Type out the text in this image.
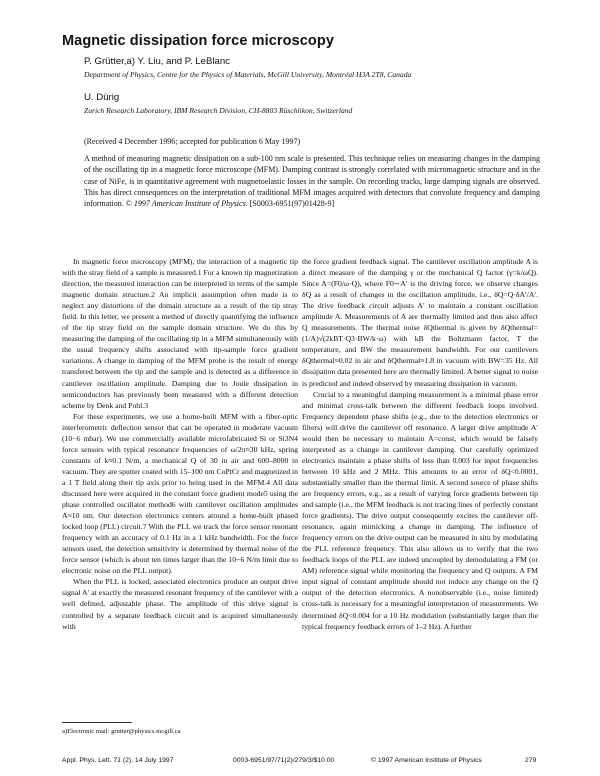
Magnetic dissipation force microscopy
P. Grütter,a) Y. Liu, and P. LeBlanc
Department of Physics, Centre for the Physics of Materials, McGill University, Montréal H3A 2T8, Canada
U. Dürig
Zurich Research Laboratory, IBM Research Division, CH-8803 Rüschlikon, Switzerland
(Received 4 December 1996; accepted for publication 6 May 1997)
A method of measuring magnetic dissipation on a sub-100 nm scale is presented. This technique relies on measuring changes in the damping of the oscillating tip in a magnetic force microscope (MFM). Damping contrast is strongly correlated with micromagnetic structure and in the case of NiFe, is in quantitative agreement with magnetoelastic losses in the sample. On recording tracks, large damping signals are observed. This has direct consequences on the interpretation of traditional MFM images acquired with detectors that convolute frequency and damping information. © 1997 American Institute of Physics. [S0003-6951(97)01428-9]

In magnetic force microscopy (MFM), the interaction of a magnetic tip with the stray field of a sample is measured.1 For a known tip magnetization direction, the measured interaction can be interpreted in terms of the sample magnetic domain structure.2 An implicit assumption often made is to neglect any distortions of the domain structure as a result of the tip stray field. In this letter, we present a method of directly quantifying the influence of the tip stray field on the sample domain structure. We do this by measuring the damping of the oscillating tip in a MFM simultaneously with the usual frequency shifts associated with tip-sample force gradient variations. A change in damping of the MFM probe is the result of energy transfered between the tip and the sample and is detected as a difference in cantilever oscillation amplitude. Damping due to Joule dissipation in semiconductors has previously been measured with a different detection scheme by Denk and Pohl.3

For these experiments, we use a home-built MFM with a fiber-optic interferometric deflection sensor that can be operated in moderate vacuum (10−6 mbar). We use commercially available microfabricated Si or Si3N4 force sensors with typical resonance frequencies of ω/2π≈30 kHz, spring constants of k≈0.1 N/m, a mechanical Q of 30 in air and 600–8000 in vacuum. They are sputter coated with 15–100 nm CoPtCr and magnetized in a 1 T field along their tip axis prior to being used in the MFM.4 All data discussed here were acquired in the constant force gradient mode5 using the phase controlled oscillator method6 with cantilever oscillation amplitudes A≈10 nm. Our detection electronics centers around a home-built phased locked loop (PLL) circuit.7 With the PLL we track the force sensor resonant frequency with an accuracy of 0.1 Hz in a 1 kHz bandwidth. For the force sensors used, the detection sensitivity is determined by thermal noise of the force sensor (which is about ten times larger than the 10−6 N/m limit due to electronic noise on the PLL output).

When the PLL is locked, associated electronics produce an output drive signal A′ at exactly the measured resonant frequency of the cantilever with a well defined, adjustable phase. The amplitude of this drive signal is controlled by a separate feedback circuit and is acquired simultaneously with

the force gradient feedback signal. The cantilever oscillation amplitude A is a direct measure of the damping γ or the mechanical Q factor (γ=k/ωQ). Since A=(F0/ω·Q), where F0∼A′ is the driving force, we observe changes δQ as a result of changes in the oscillation amplitude, i.e., δQ=Q·δA′/A′. The drive feedback circuit adjusts A′ to maintain a constant oscillation amplitude A. Measurements of A are thermally limited and thus also affect Q measurements. The thermal noise δQthermal is given by δQthermal=(1/A)√(2kBT·Q3·BW/k·ω) with kB the Boltzmann factor, T the temperature, and BW the measurement bandwidth. For our cantilevers δQthermal≈0.02 in air and δQthermal≈1.8 in vacuum with BW=35 Hz. All dissipation data presented here are thermally limited. A better signal to noise is predicted and indeed observed by measuring dissipation in vacuum.

Crucial to a meaningful damping measurement is a minimal phase error and minimal cross-talk between the different feedback loops involved. Frequency dependent phase shifts (e.g., due to the detection electronics or filters) will drive the cantilever off resonance. A larger drive amplitude A′ would then be necessary to maintain A=const, which would be falsely interpreted as a change in cantilever damping. Our carefully optimized electronics maintain a phase shifts of less than 0.003 for input frequencies between 10 kHz and 2 MHz. This amounts to an error of δQ<0.0001, substantially smaller than the thermal limit. A second source of phase shifts are frequency errors, e.g., as a result of varying force gradients between tip and sample (i.e., the MFM feedback is not tracing lines of perfectly constant force gradients). The drive output consequently excites the cantilever off-resonance, again mimicking a change in damping. The influence of frequency errors on the drive output can be measured in situ by modulating the PLL reference frequency. This also allows us to verify that the two feedback loops of the PLL are indeed uncoupled by demodulating a FM (or AM) reference signal while monitoring the frequency and Q outputs. A FM input signal of constant amplitude should not induce any change on the Q output of the detection electronics. A nonobservable (i.e., noise limited) cross-talk is necessary for a meaningful interpretation of measurements. We determined δQ<0.004 for a 10 Hz modulation (substantially larger than the typical frequency feedback errors of 1–2 Hz). A further

a)Electronic mail: grutter@physics.mcgill.ca
Appl. Phys. Lett. 71 (2), 14 July 1997	0003-6951/97/71(2)/279/3/$10.00	© 1997 American Institute of Physics	279
